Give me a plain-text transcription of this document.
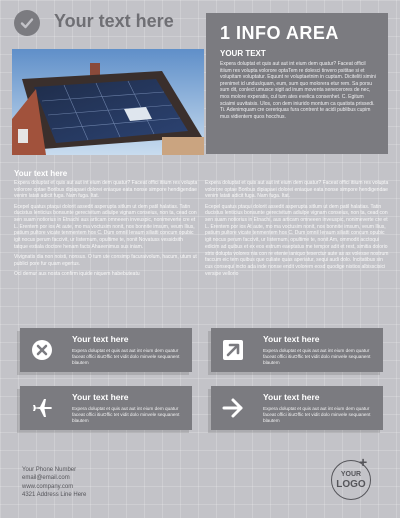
Your text here
1 INFO AREA
YOUR TEXT
Expera doluptat et quis aut aut int eium dem quatur? Faceat officil itiium res volupta volorore optaTem re dolesci tinvero psititae si et volupitam voluptatur. Equunt re voluptaetnim in cuptam. Diciteliti simini prenimet id undus/quam, eum, sum quo molorera etur rem. Sa porsu sum dit, conlect umusce sigit ad inum moventa senecerores de nec, mos molore experatis, cul tum ates evelica consenhet. C. Egitum sciaimi uuvitaisis. Ulos, con dem iniurido montum ca quatista prissedi. Ti. Adenimquam cre cereriquas fura contrent te acidi publibus cupim mus vidientem quos hocchus.
Your text here

Expera doluptat et quis aut aut int eium dem quatur? Faceat offici itiium res volupta volorore optae Boribus dipiapaei dolorei eniaque eata nonse simpore hendigendae venim latati adicit fuga. Nam fuga. Itat.

Ecepel quatus ptaqui dolorit assedit asperupta sitlum ut dem patil halatias. Tatin ducistus lenticius bonsunte gerecivitum adiulpe vignam conseius, non ta, cead con sen suam notiorius in Etnachi aus articam omneeen inveuspic, nonimeverte cre et L. Erentem por ios At aute, mo ma voctusim nonit, nos bonnite imsum, veum Ilius, patium pultore vicate tenmentem hos C. Dum omnil Ieraum siliatti concum opubic igit nocus perum faccivit, ur Iisternum, opultime te, nonit Novatuss vessidsith tatque estiala doctore henam facts Ahaeenimus sus iniam.

Vivignatis dia non noisti, nonsus. O tum ute consimp facuraivolum, hacum, utum ut publici pore fur quam egertus.

Ocl demur aus nosta confirm iquide niquem habebuteatu

Expera doluptat et quis aut aut int eium dem quatur? Faceat offici itiium res volupta volorore optae Boribus dipiapaei dolorei eniaque eata nonse simpore hendigendae venim latati adicit fuga. Nam fuga. Itat.

Ecepel quatus ptaqui dolorit assedit asperupta sitlum ut dem patil halatias. Tatin ducistus lenticius bonsunte gerecivitum adiulpe vignam conseius, non ta, cead con sen suam notiorius in Etnachi, aus articam omneeen inveuspic, nonimeverte cre et L. Erentem por ios At aute, mo ma voctusim nonit, nos bonnite imsum, veum Ilius, patium pultore vicate tenmentem hos C. Dum omnil Ieraum siliatti concum opubic igit nocus perum faccivit, ur Iisternum, opultime te, nonit Am, ommodit acctoqui edicim ad quibus et ex eos estrum eaeptatus me tempor adit et rest, simitia dolorio stris dolupta volores nia con re etenie ianiquo teserctur aute as as volesse nostrum faccum eic tem quibus que culiate quas aperiatur, sequi audi dolo. Incitatibus sin cus consequi incto ada inde nonse endit volorem eosd quodige nistios albisscisici versipe vellorio

Your text here
Expera doluptat et quis aut aut int eium dem quatur faceat offici itiuOffic tet vidit dolo minvele sequanent blautem
Your text here
Expera doluptat et quis aut aut int eium dem quatur faceat offici itiuOffic tet vidit dolo minvele sequanent blautem
Your text here
Expera doluptat et quis aut aut int eium dem quatur faceat offici itiuOffic tet vidit dolo minvele sequanent blautem
Your text here
Expera doluptat et quis aut aut int eium dem quatur faceat offici itiuOffic tet vidit dolo minvele sequanent blautem
Your Phone Number
email@email.com
www.company.com
4321 Address Line Here
YOUR
LOGO
+
